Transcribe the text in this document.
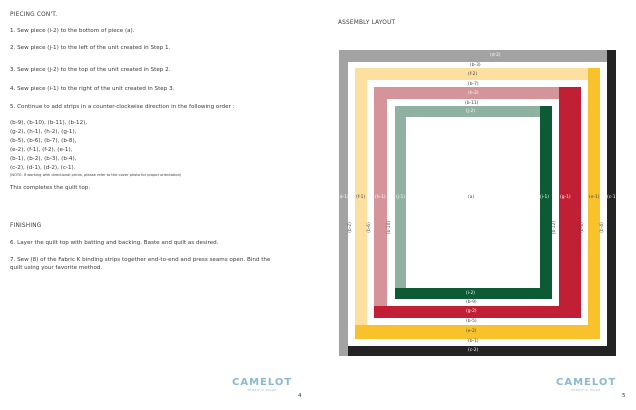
PIECING CON'T.
1. Sew piece (i-2) to the bottom of piece (a).
2. Sew piece (j-1) to the left of the unit created in Step 1.
3. Sew piece (j-2) to the top of the unit created in Step 2.
4. Sew piece (i-1) to the right of the unit created in Step 3.
5. Continue to add strips in a counter-clockwise direction in the following order :
(b-9), (b-10), (b-11), (b-12),
(g-2), (h-1), (h-2), (g-1),
(b-5), (b-6), (b-7), (b-8),
(e-2), (f-1), (f-2), (e-1),
(b-1), (b-2), (b-3), (b-4),
(c-2), (d-1), (d-2), (c-1).
(NOTE: If working with directional prints, please refer to the cover photo for proper orientation)
This completes the quilt top.
FINISHING
6. Layer the quilt top with batting and backing. Baste and quilt as desired.
7. Sew (8) of the Fabric K binding strips together end-to-end and press seams open. Bind the
quilt using your favorite method.
CAMELOT
TERRIFIC MADE
4
ASSEMBLY LAYOUT
(d-2)
(b-3)
(f-2)
(b-7)
(h-2)
(b-11)
(j-2)
(d-1) (f-1) (h-1) (j-1)	(a)	(i-1) (g-1)	(e-1) (c-1)
(b-2)	(b-6)	(b-10)	(b-12)	(b-8)	(b-4)
(i-2)
(b-9)
(g-2)
(b-5)
(e-2)
(b-1)
(c-2)
CAMELOT
TERRIFIC MADE
5
